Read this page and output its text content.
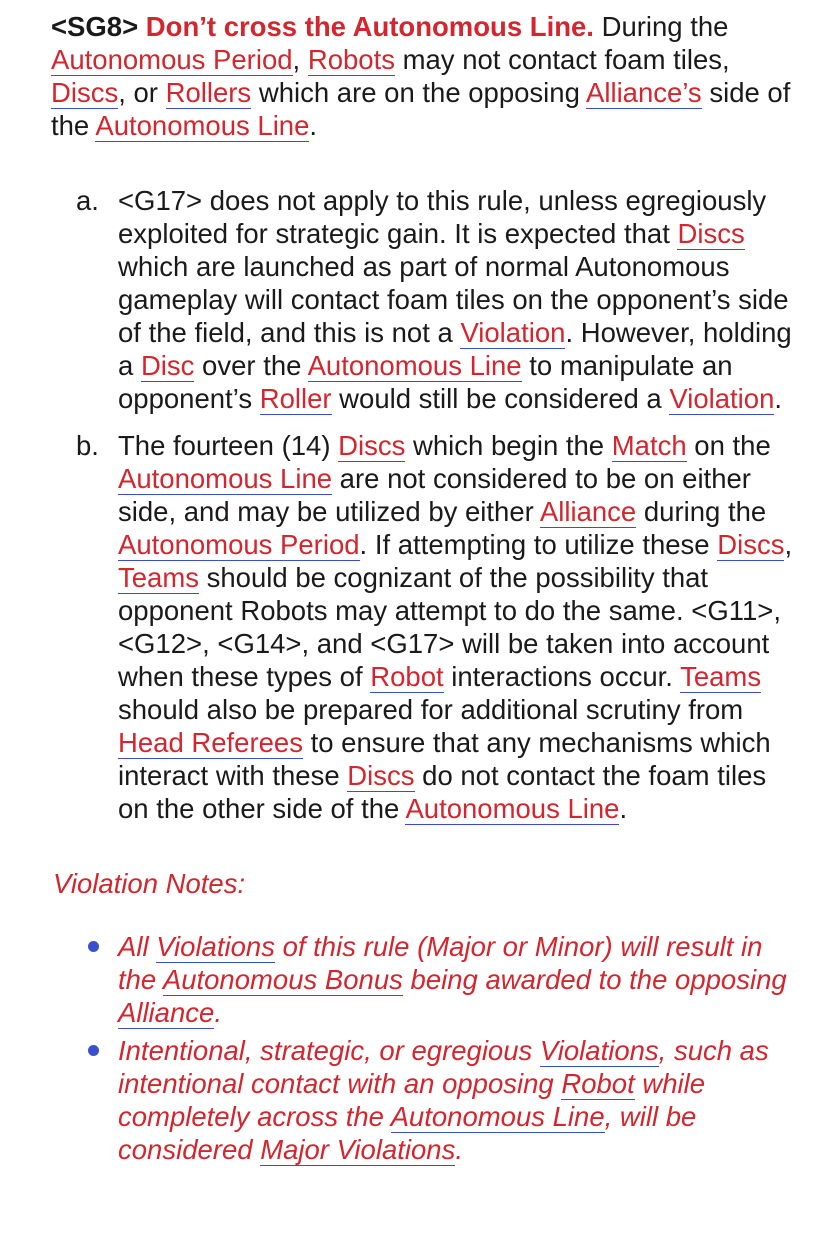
<SG8> Don’t cross the Autonomous Line. During the Autonomous Period, Robots may not contact foam tiles, Discs, or Rollers which are on the opposing Alliance’s side of the Autonomous Line.

a. <G17> does not apply to this rule, unless egregiously exploited for strategic gain. It is expected that Discs which are launched as part of normal Autonomous gameplay will contact foam tiles on the opponent’s side of the field, and this is not a Violation. However, holding a Disc over the Autonomous Line to manipulate an opponent’s Roller would still be considered a Violation.
b. The fourteen (14) Discs which begin the Match on the Autonomous Line are not considered to be on either side, and may be utilized by either Alliance during the Autonomous Period. If attempting to utilize these Discs, Teams should be cognizant of the possibility that opponent Robots may attempt to do the same. <G11>, <G12>, <G14>, and <G17> will be taken into account when these types of Robot interactions occur. Teams should also be prepared for additional scrutiny from Head Referees to ensure that any mechanisms which interact with these Discs do not contact the foam tiles on the other side of the Autonomous Line.

Violation Notes:

All Violations of this rule (Major or Minor) will result in the Autonomous Bonus being awarded to the opposing Alliance.
Intentional, strategic, or egregious Violations, such as intentional contact with an opposing Robot while completely across the Autonomous Line, will be considered Major Violations.
